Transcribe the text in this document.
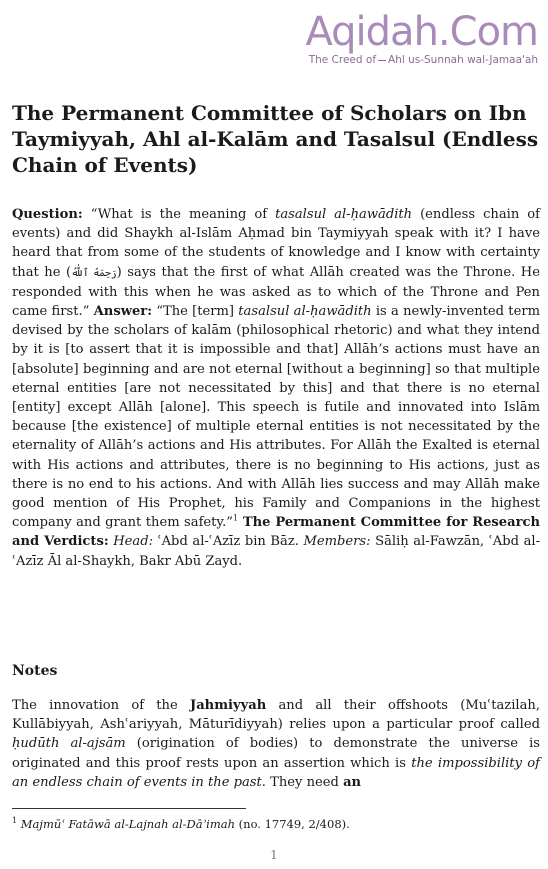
Aqidah.Com
The Creed of Ahl us-Sunnah wal-Jamaa'ah
The Permanent Committee of Scholars on Ibn Taymiyyah, Ahl al-Kalām and Tasalsul (Endless Chain of Events)

Question: “What is the meaning of tasalsul al-ḥawādith (endless chain of events) and did Shaykh al-Islām Aḥmad bin Taymiyyah speak with it? I have heard that from some of the students of knowledge and I know with certainty that he (رَحِمَهُ ٱللَّٰهُ) says that the first of what Allāh created was the Throne. He responded with this when he was asked as to which of the Throne and Pen came first.” Answer: “The [term] tasalsul al-ḥawādith is a newly-invented term devised by the scholars of kalām (philosophical rhetoric) and what they intend by it is [to assert that it is impossible and that] Allāh’s actions must have an [absolute] beginning and are not eternal [without a beginning] so that multiple eternal entities [are not necessitated by this] and that there is no eternal [entity] except Allāh [alone]. This speech is futile and innovated into Islām because [the existence] of multiple eternal entities is not necessitated by the eternality of Allāh’s actions and His attributes. For Allāh the Exalted is eternal with His actions and attributes, there is no beginning to His actions, just as there is no end to his actions. And with Allāh lies success and may Allāh make good mention of His Prophet, his Family and Companions in the highest company and grant them safety.”$^1$ The Permanent Committee for Research and Verdicts: Head: ʿAbd al-ʿAzīz bin Bāz. Members: Sāliḥ al-Fawzān, ʿAbd al-ʿAzīz Āl al-Shaykh, Bakr Abū Zayd.

Notes

The innovation of the Jahmiyyah and all their offshoots (Muʿtazilah, Kullābiyyah, Ashʿariyyah, Māturīdiyyah) relies upon a particular proof called ḥudūth al-ajsām (origination of bodies) to demonstrate the universe is originated and this proof rests upon an assertion which is the impossibility of an endless chain of events in the past. They need an

$^1$ Majmūʿ Fatāwā al-Lajnah al-Dāʾimah (no. 17749, 2/408).

1
